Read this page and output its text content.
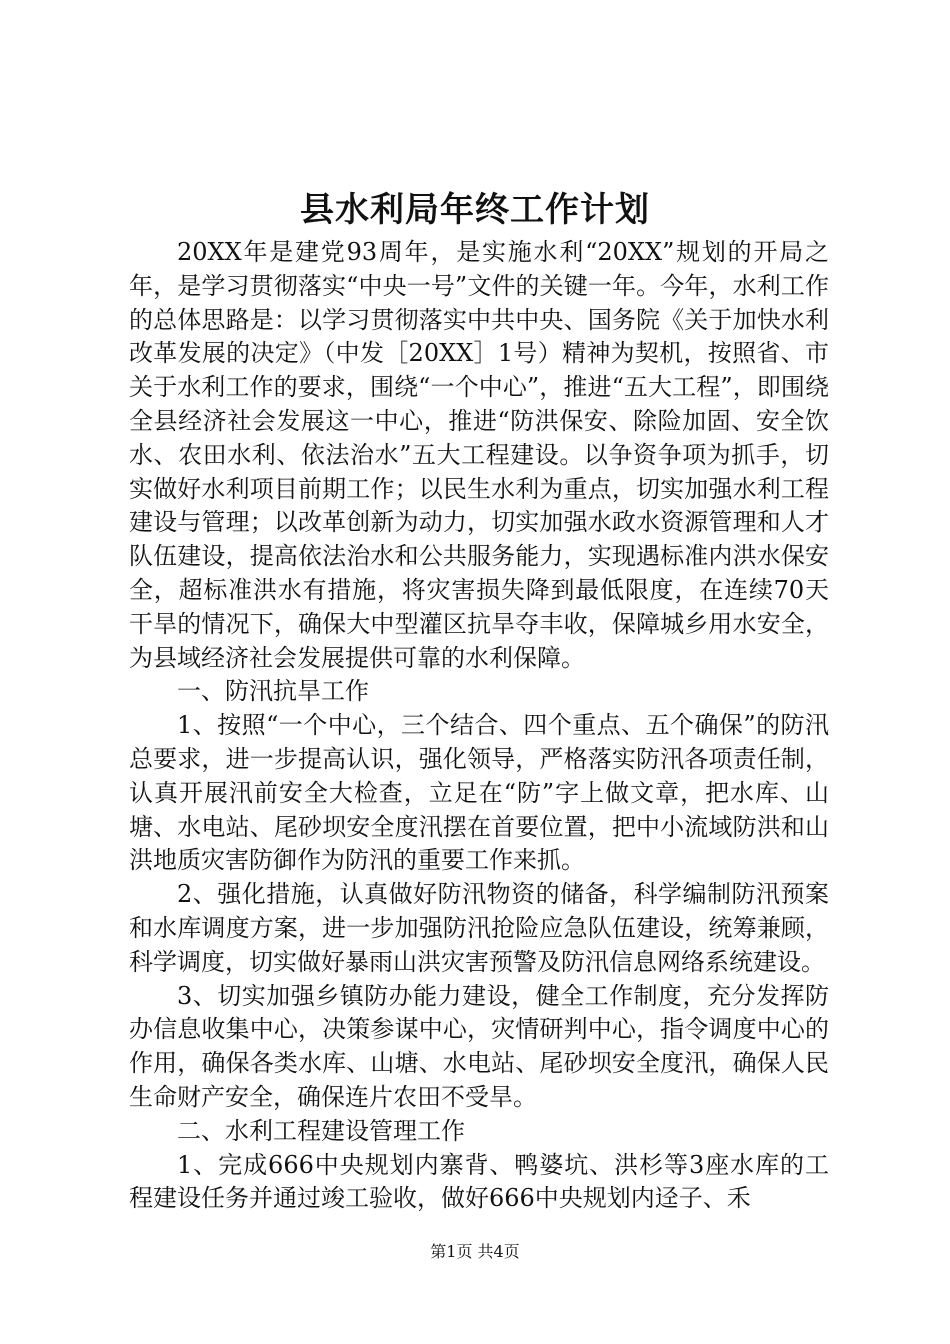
县水利局年终工作计划

20XX年是建党93周年，是实施水利“20XX”规划的开局之年，是学习贯彻落实“中央一号”文件的关键一年。今年，水利工作的总体思路是：以学习贯彻落实中共中央、国务院《关于加快水利改革发展的决定》（中发［20XX］1号）精神为契机，按照省、市关于水利工作的要求，围绕“一个中心”，推进“五大工程”，即围绕全县经济社会发展这一中心，推进“防洪保安、除险加固、安全饮水、农田水利、依法治水”五大工程建设。以争资争项为抓手，切实做好水利项目前期工作；以民生水利为重点，切实加强水利工程建设与管理；以改革创新为动力，切实加强水政水资源管理和人才队伍建设，提高依法治水和公共服务能力，实现遇标准内洪水保安全，超标准洪水有措施，将灾害损失降到最低限度，在连续70天干旱的情况下，确保大中型灌区抗旱夺丰收，保障城乡用水安全，为县域经济社会发展提供可靠的水利保障。

一、防汛抗旱工作

1、按照“一个中心，三个结合、四个重点、五个确保”的防汛总要求，进一步提高认识，强化领导，严格落实防汛各项责任制，认真开展汛前安全大检查，立足在“防”字上做文章，把水库、山塘、水电站、尾砂坝安全度汛摆在首要位置，把中小流域防洪和山洪地质灾害防御作为防汛的重要工作来抓。

2、强化措施，认真做好防汛物资的储备，科学编制防汛预案和水库调度方案，进一步加强防汛抢险应急队伍建设，统筹兼顾，科学调度，切实做好暴雨山洪灾害预警及防汛信息网络系统建设。

3、切实加强乡镇防办能力建设，健全工作制度，充分发挥防办信息收集中心，决策参谋中心，灾情研判中心，指令调度中心的作用，确保各类水库、山塘、水电站、尾砂坝安全度汛，确保人民生命财产安全，确保连片农田不受旱。

二、水利工程建设管理工作

1、完成666中央规划内寨背、鸭婆坑、洪杉等3座水库的工程建设任务并通过竣工验收，做好666中央规划内迳子、禾

第1页 共4页
